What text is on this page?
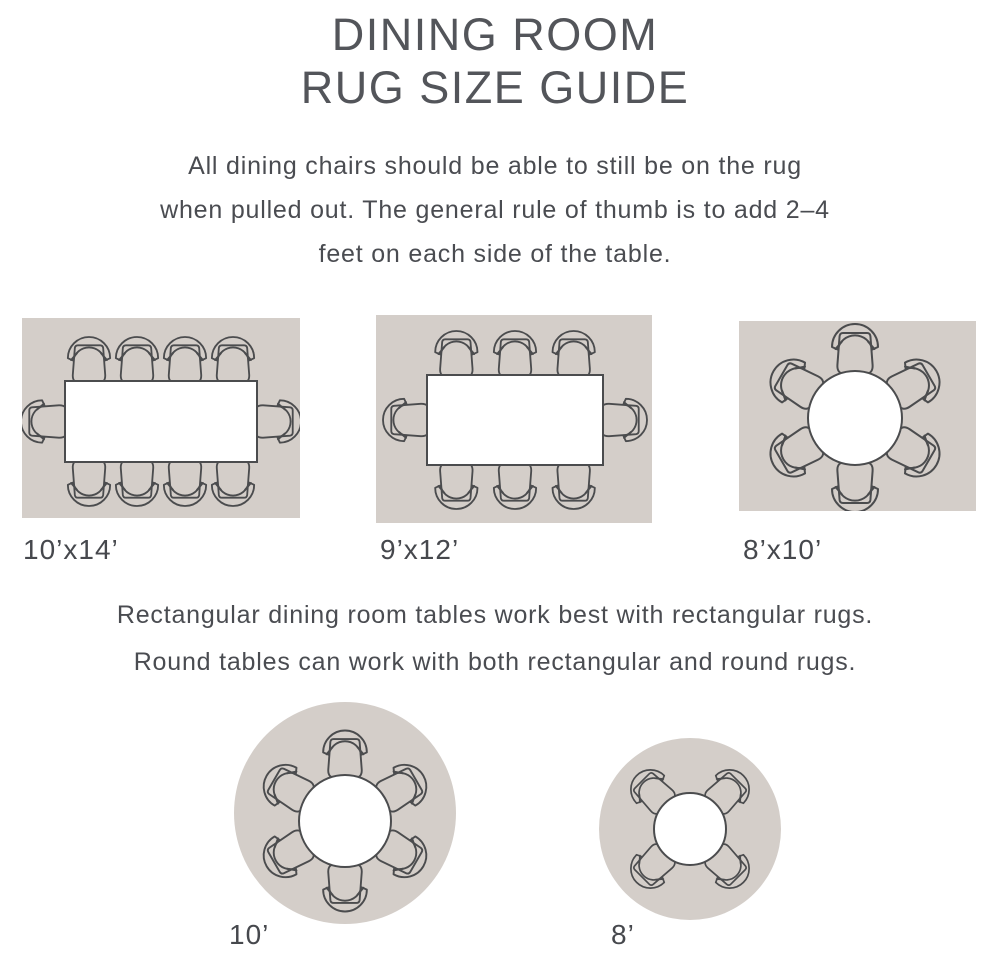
DINING ROOM
RUG SIZE GUIDE
All dining chairs should be able to still be on the rug
when pulled out. The general rule of thumb is to add 2–4
feet on each side of the table.
10’x14’	9’x12’	8’x10’
Rectangular dining room tables work best with rectangular rugs.
Round tables can work with both rectangular and round rugs.
10’	8’
